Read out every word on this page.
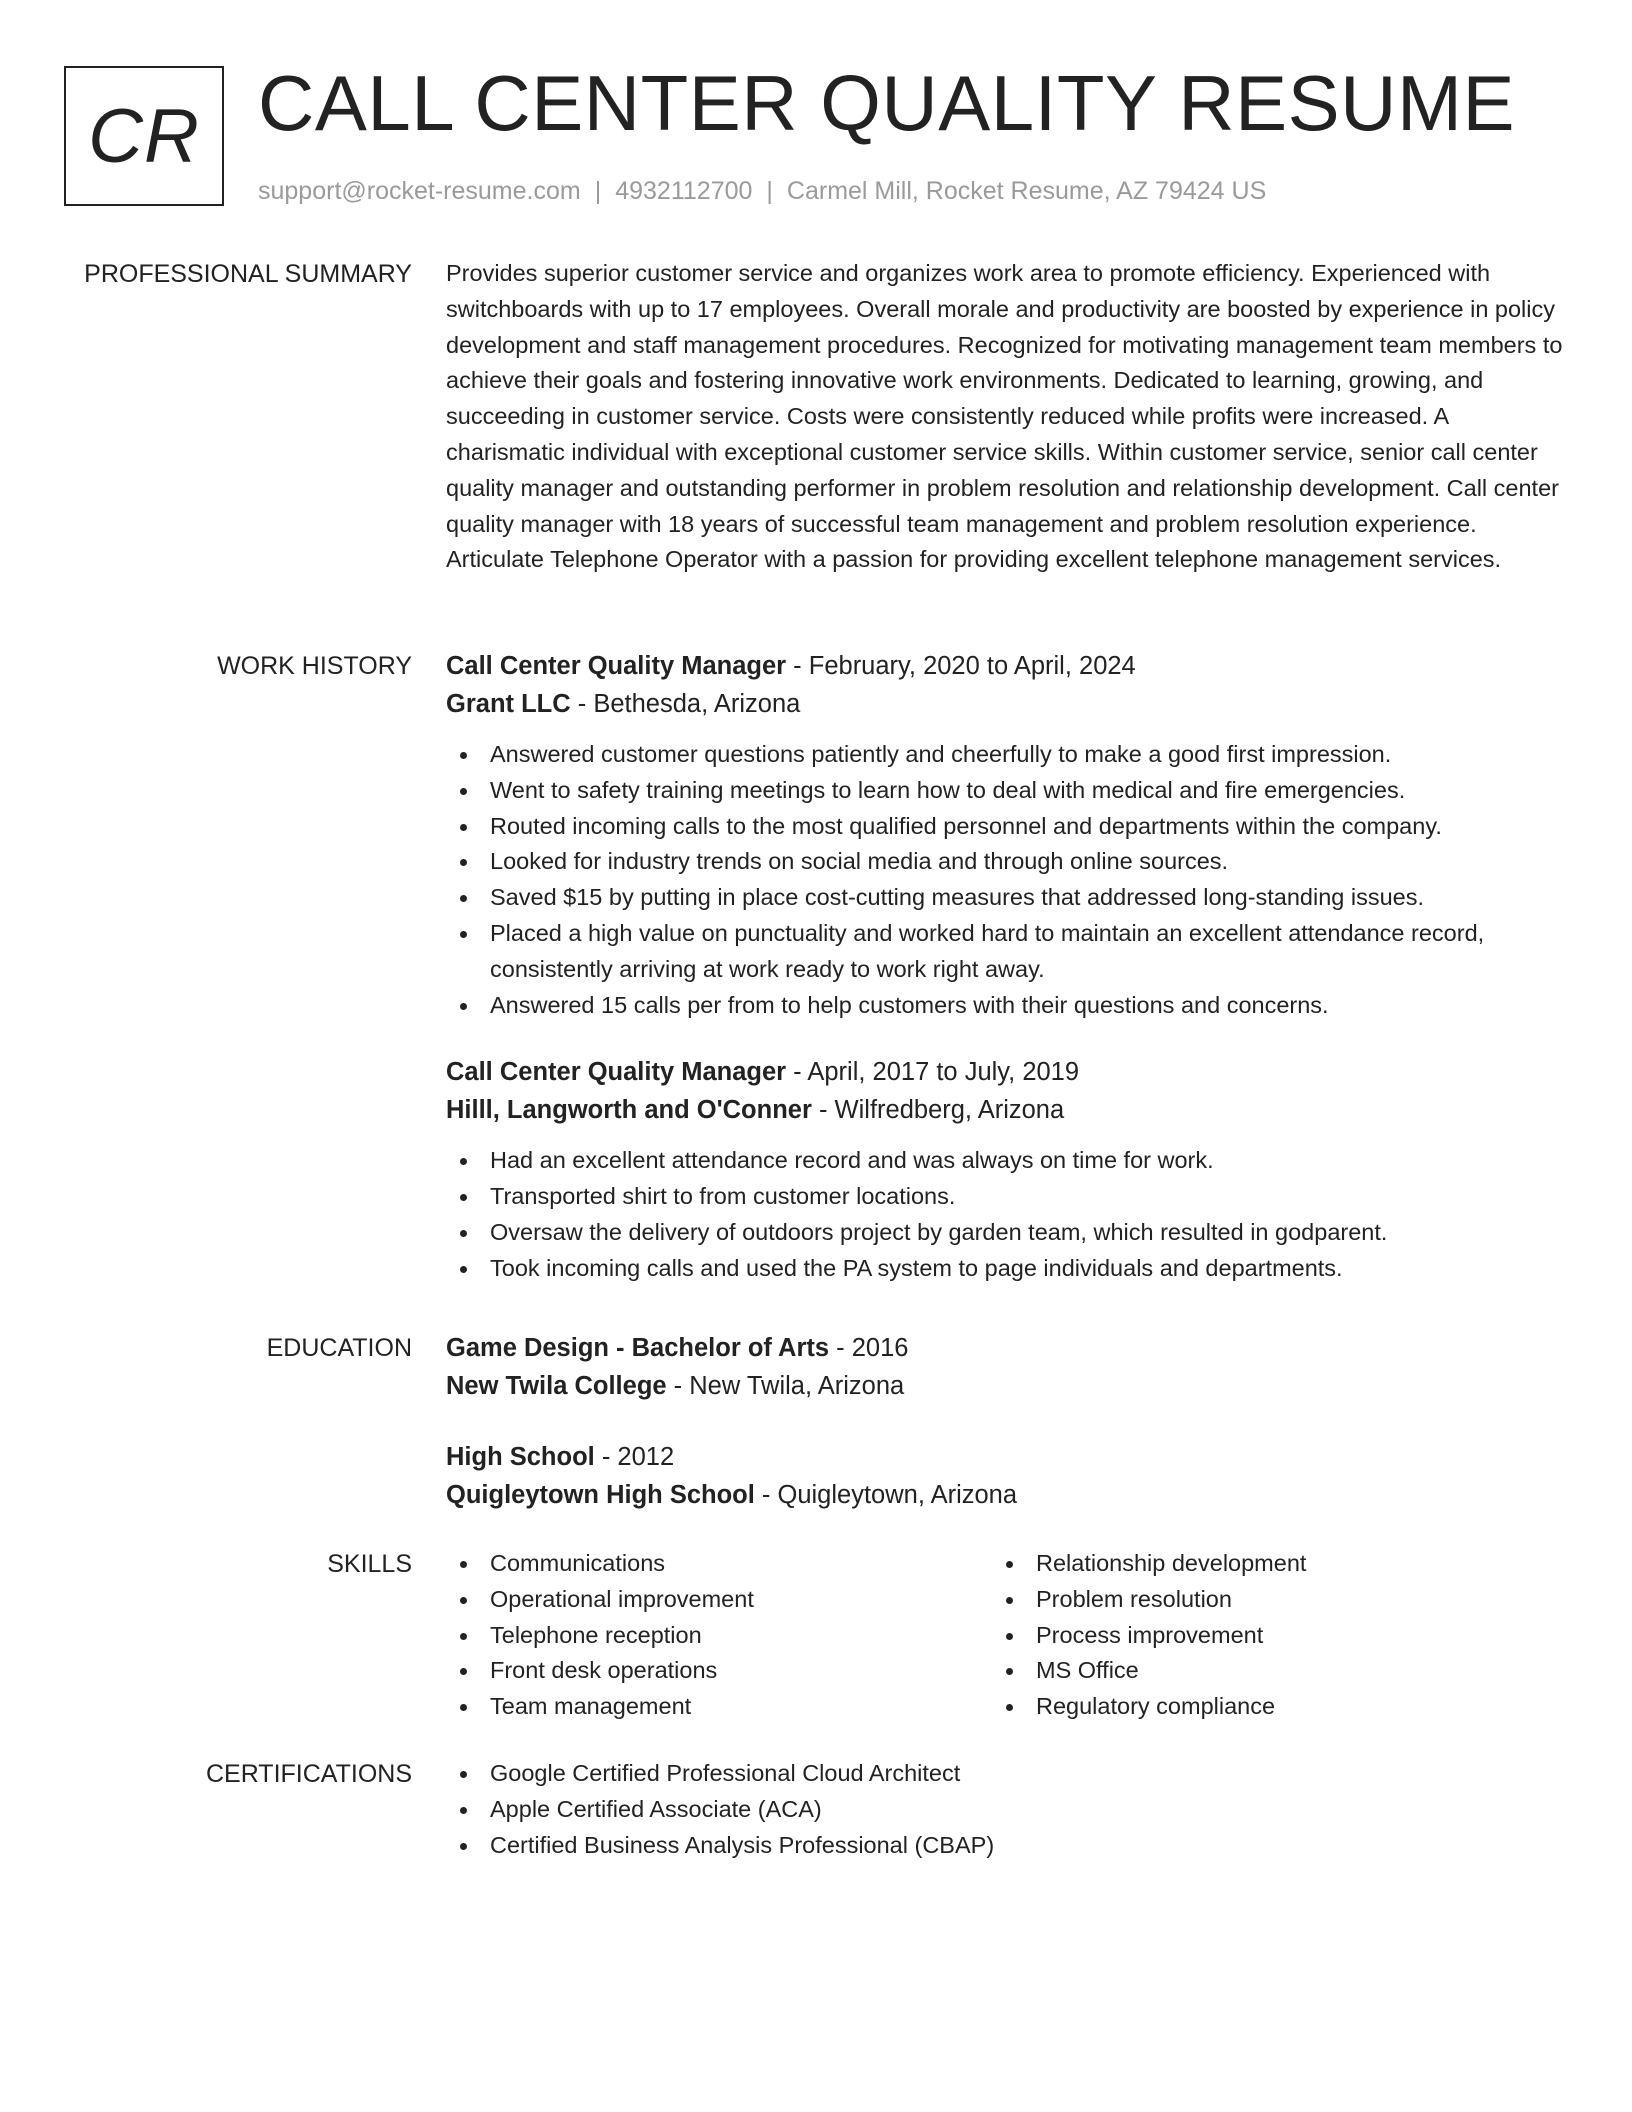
CR CALL CENTER QUALITY RESUME
support@rocket-resume.com | 4932112700 | Carmel Mill, Rocket Resume, AZ 79424 US
PROFESSIONAL SUMMARY Provides superior customer service and organizes work area to promote efficiency. Experienced with switchboards with up to 17 employees. Overall morale and productivity are boosted by experience in policy development and staff management procedures. Recognized for motivating management team members to achieve their goals and fostering innovative work environments. Dedicated to learning, growing, and succeeding in customer service. Costs were consistently reduced while profits were increased. A charismatic individual with exceptional customer service skills. Within customer service, senior call center quality manager and outstanding performer in problem resolution and relationship development. Call center quality manager with 18 years of successful team management and problem resolution experience. Articulate Telephone Operator with a passion for providing excellent telephone management services.

WORK HISTORY Call Center Quality Manager - February, 2020 to April, 2024
Grant LLC - Bethesda, Arizona
Answered customer questions patiently and cheerfully to make a good first impression.
Went to safety training meetings to learn how to deal with medical and fire emergencies.
Routed incoming calls to the most qualified personnel and departments within the company.
Looked for industry trends on social media and through online sources.
Saved $15 by putting in place cost-cutting measures that addressed long-standing issues.
Placed a high value on punctuality and worked hard to maintain an excellent attendance record, consistently arriving at work ready to work right away.
Answered 15 calls per from to help customers with their questions and concerns.
Call Center Quality Manager - April, 2017 to July, 2019
Hilll, Langworth and O'Conner - Wilfredberg, Arizona
Had an excellent attendance record and was always on time for work.
Transported shirt to from customer locations.
Oversaw the delivery of outdoors project by garden team, which resulted in godparent.
Took incoming calls and used the PA system to page individuals and departments.
EDUCATION Game Design - Bachelor of Arts - 2016
New Twila College - New Twila, Arizona
High School - 2012
Quigleytown High School - Quigleytown, Arizona
SKILLS	Communications
Operational improvement
Telephone reception
Front desk operations
Team management
Relationship development
Problem resolution
Process improvement
MS Office
Regulatory compliance
CERTIFICATIONS	Google Certified Professional Cloud Architect
Apple Certified Associate (ACA)
Certified Business Analysis Professional (CBAP)
